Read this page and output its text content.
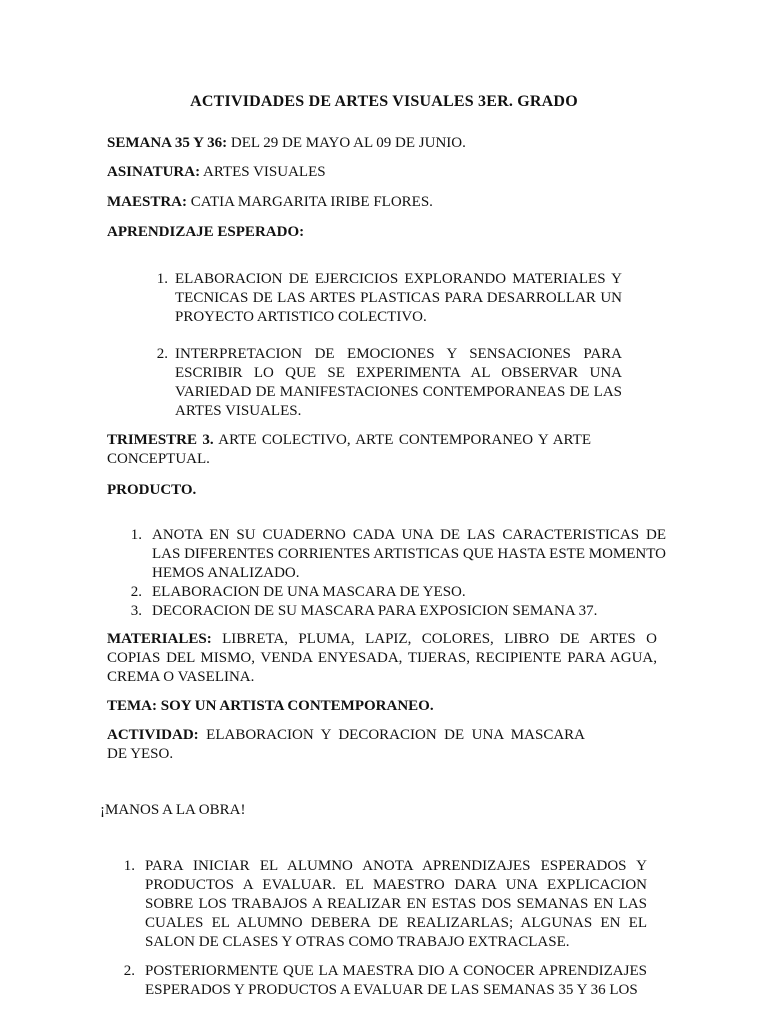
ACTIVIDADES DE ARTES VISUALES 3ER. GRADO
SEMANA 35 Y 36: DEL 29 DE MAYO AL 09 DE JUNIO.
ASINATURA: ARTES VISUALES
MAESTRA: CATIA MARGARITA IRIBE FLORES.
APRENDIZAJE ESPERADO:
1. ELABORACION DE EJERCICIOS EXPLORANDO MATERIALES Y TECNICAS DE LAS ARTES PLASTICAS PARA DESARROLLAR UN PROYECTO ARTISTICO COLECTIVO.
2. INTERPRETACION DE EMOCIONES Y SENSACIONES PARA ESCRIBIR LO QUE SE EXPERIMENTA AL OBSERVAR UNA VARIEDAD DE MANIFESTACIONES CONTEMPORANEAS DE LAS ARTES VISUALES.
TRIMESTRE 3. ARTE COLECTIVO, ARTE CONTEMPORANEO Y ARTE CONCEPTUAL.
PRODUCTO.
1. ANOTA EN SU CUADERNO CADA UNA DE LAS CARACTERISTICAS DE LAS DIFERENTES CORRIENTES ARTISTICAS QUE HASTA ESTE MOMENTO HEMOS ANALIZADO.
2. ELABORACION DE UNA MASCARA DE YESO.
3. DECORACION DE SU MASCARA PARA EXPOSICION SEMANA 37.
MATERIALES: LIBRETA, PLUMA, LAPIZ, COLORES, LIBRO DE ARTES O COPIAS DEL MISMO, VENDA ENYESADA, TIJERAS, RECIPIENTE PARA AGUA, CREMA O VASELINA.
TEMA: SOY UN ARTISTA CONTEMPORANEO.
ACTIVIDAD: ELABORACION Y DECORACION DE UNA MASCARA DE YESO.
¡MANOS A LA OBRA!
1. PARA INICIAR EL ALUMNO ANOTA APRENDIZAJES ESPERADOS Y PRODUCTOS A EVALUAR. EL MAESTRO DARA UNA EXPLICACION SOBRE LOS TRABAJOS A REALIZAR EN ESTAS DOS SEMANAS EN LAS CUALES EL ALUMNO DEBERA DE REALIZARLAS; ALGUNAS EN EL SALON DE CLASES Y OTRAS COMO TRABAJO EXTRACLASE.
2. POSTERIORMENTE QUE LA MAESTRA DIO A CONOCER APRENDIZAJES ESPERADOS Y PRODUCTOS A EVALUAR DE LAS SEMANAS 35 Y 36 LOS
